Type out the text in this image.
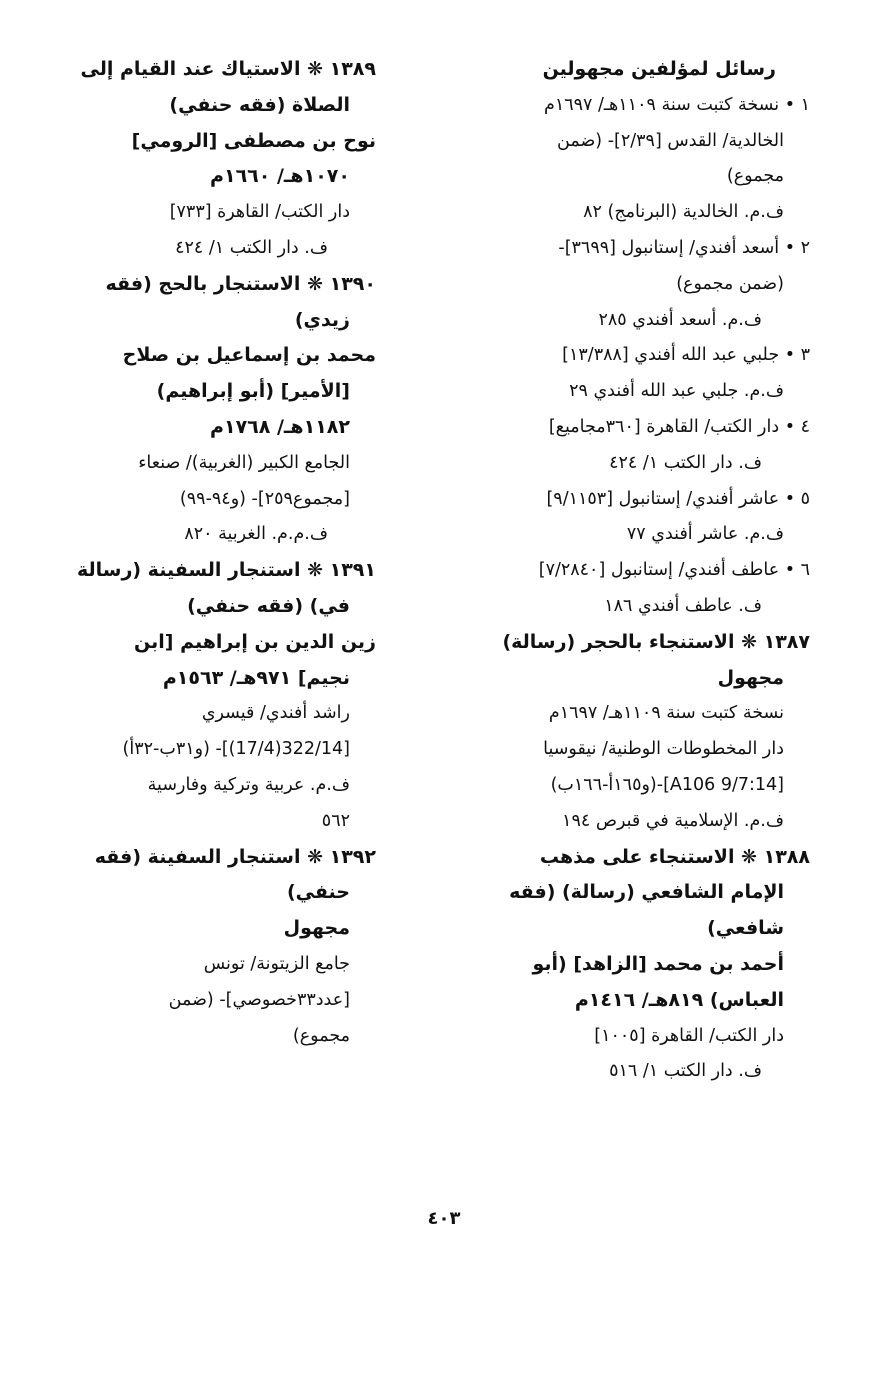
رسائل لمؤلفين مجهولين
١ • نسخة كتبت سنة ١١٠٩هـ/ ١٦٩٧م
الخالدية/ القدس [٢/٣٩]- (ضمن
مجموع)
ف.م. الخالدية (البرنامج) ٨٢
٢ • أسعد أفندي/ إستانبول [٣٦٩٩]-
(ضمن مجموع)
ف.م. أسعد أفندي ٢٨٥
٣ • جلبي عبد الله أفندي [١٣/٣٨٨]
ف.م. جلبي عبد الله أفندي ٢٩
٤ • دار الكتب/ القاهرة [٣٦٠مجاميع]
ف. دار الكتب ١/ ٤٢٤
٥ • عاشر أفندي/ إستانبول [٩/١١٥٣]
ف.م. عاشر أفندي ٧٧
٦ • عاطف أفندي/ إستانبول [٧/٢٨٤٠]
ف. عاطف أفندي ١٨٦
١٣٨٧ ❋ الاستنجاء بالحجر (رسالة)
مجهول
نسخة كتبت سنة ١١٠٩هـ/ ١٦٩٧م
دار المخطوطات الوطنية/ نيقوسيا
[A106 9/7:14]-(و١٦٥أ-١٦٦ب)
ف.م. الإسلامية في قبرص ١٩٤
١٣٨٨ ❋ الاستنجاء على مذهب
الإمام الشافعي (رسالة) (فقه
شافعي)
أحمد بن محمد [الزاهد] (أبو
العباس) ٨١٩هـ/ ١٤١٦م
دار الكتب/ القاهرة [١٠٠٥]
ف. دار الكتب ١/ ٥١٦
١٣٨٩ ❋ الاستياك عند القيام إلى
الصلاة (فقه حنفي)
نوح بن مصطفى [الرومي]
١٠٧٠هـ/ ١٦٦٠م
دار الكتب/ القاهرة [٧٣٣]
ف. دار الكتب ١/ ٤٢٤
١٣٩٠ ❋ الاستنجار بالحج (فقه
زيدي)
محمد بن إسماعيل بن صلاح
[الأمير] (أبو إبراهيم)
١١٨٢هـ/ ١٧٦٨م
الجامع الكبير (الغربية)/ صنعاء
[مجموع٢٥٩]- (و٩٤-٩٩)
ف.م.م. الغربية ٨٢٠
١٣٩١ ❋ استنجار السفينة (رسالة
في) (فقه حنفي)
زين الدين بن إبراهيم [ابن
نجيم] ٩٧١هـ/ ١٥٦٣م
راشد أفندي/ قيسري
[322/14(17/4)]- (و٣١ب-٣٢أ)
ف.م. عربية وتركية وفارسية
٥٦٢
١٣٩٢ ❋ استنجار السفينة (فقه
حنفي)
مجهول
جامع الزيتونة/ تونس
[عدد٣٣خصوصي]- (ضمن
مجموع)
٤٠٣
